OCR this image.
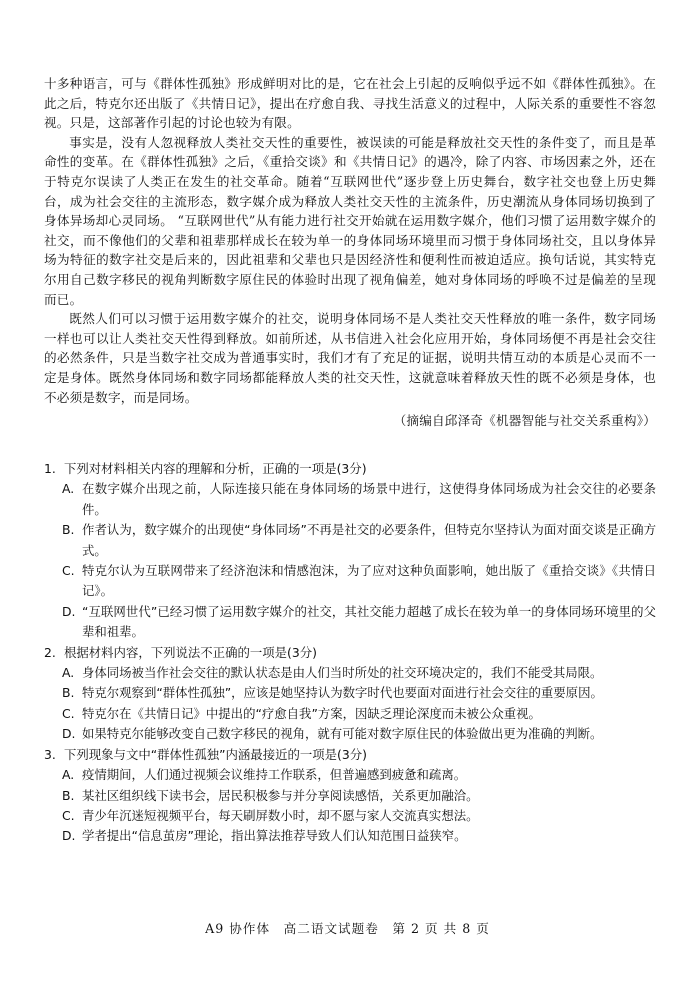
十多种语言，可与《群体性孤独》形成鲜明对比的是，它在社会上引起的反响似乎远不如《群体性孤独》。在此之后，特克尔还出版了《共情日记》，提出在疗愈自我、寻找生活意义的过程中，人际关系的重要性不容忽视。只是，这部著作引起的讨论也较为有限。

事实是，没有人忽视释放人类社交天性的重要性，被误读的可能是释放社交天性的条件变了，而且是革命性的变革。在《群体性孤独》之后，《重拾交谈》和《共情日记》的遇冷，除了内容、市场因素之外，还在于特克尔误读了人类正在发生的社交革命。随着“互联网世代”逐步登上历史舞台，数字社交也登上历史舞台，成为社会交往的主流形态，数字媒介成为释放人类社交天性的主流条件，历史潮流从身体同场切换到了身体异场却心灵同场。 “互联网世代”从有能力进行社交开始就在运用数字媒介，他们习惯了运用数字媒介的社交，而不像他们的父辈和祖辈那样成长在较为单一的身体同场环境里而习惯于身体同场社交，且以身体异场为特征的数字社交是后来的，因此祖辈和父辈也只是因经济性和便利性而被迫适应。换句话说，其实特克尔用自己数字移民的视角判断数字原住民的体验时出现了视角偏差，她对身体同场的呼唤不过是偏差的呈现而已。

既然人们可以习惯于运用数字媒介的社交，说明身体同场不是人类社交天性释放的唯一条件，数字同场一样也可以让人类社交天性得到释放。如前所述，从书信进入社会化应用开始，身体同场便不再是社会交往的必然条件，只是当数字社交成为普通事实时，我们才有了充足的证据，说明共情互动的本质是心灵而不一定是身体。既然身体同场和数字同场都能释放人类的社交天性，这就意味着释放天性的既不必须是身体，也不必须是数字，而是同场。

（摘编自邱泽奇《机器智能与社交关系重构》）

1. 下列对材料相关内容的理解和分析，正确的一项是(3分)
A. 在数字媒介出现之前，人际连接只能在身体同场的场景中进行，这使得身体同场成为社会交往的必要条件。
B. 作者认为，数字媒介的出现使“身体同场”不再是社交的必要条件，但特克尔坚持认为面对面交谈是正确方式。
C. 特克尔认为互联网带来了经济泡沫和情感泡沫，为了应对这种负面影响，她出版了《重拾交谈》《共情日记》。
D. “互联网世代”已经习惯了运用数字媒介的社交，其社交能力超越了成长在较为单一的身体同场环境里的父辈和祖辈。
2. 根据材料内容，下列说法不正确的一项是(3分)
A. 身体同场被当作社会交往的默认状态是由人们当时所处的社交环境决定的，我们不能受其局限。
B. 特克尔观察到“群体性孤独”，应该是她坚持认为数字时代也要面对面进行社会交往的重要原因。
C. 特克尔在《共情日记》中提出的“疗愈自我”方案，因缺乏理论深度而未被公众重视。
D. 如果特克尔能够改变自己数字移民的视角，就有可能对数字原住民的体验做出更为准确的判断。
3. 下列现象与文中“群体性孤独”内涵最接近的一项是(3分)
A. 疫情期间，人们通过视频会议维持工作联系，但普遍感到疲惫和疏离。
B. 某社区组织线下读书会，居民积极参与并分享阅读感悟，关系更加融洽。
C. 青少年沉迷短视频平台，每天刷屏数小时，却不愿与家人交流真实想法。
D. 学者提出“信息茧房”理论，指出算法推荐导致人们认知范围日益狭窄。
A9 协作体　高二语文试题卷　第 2 页 共 8 页
